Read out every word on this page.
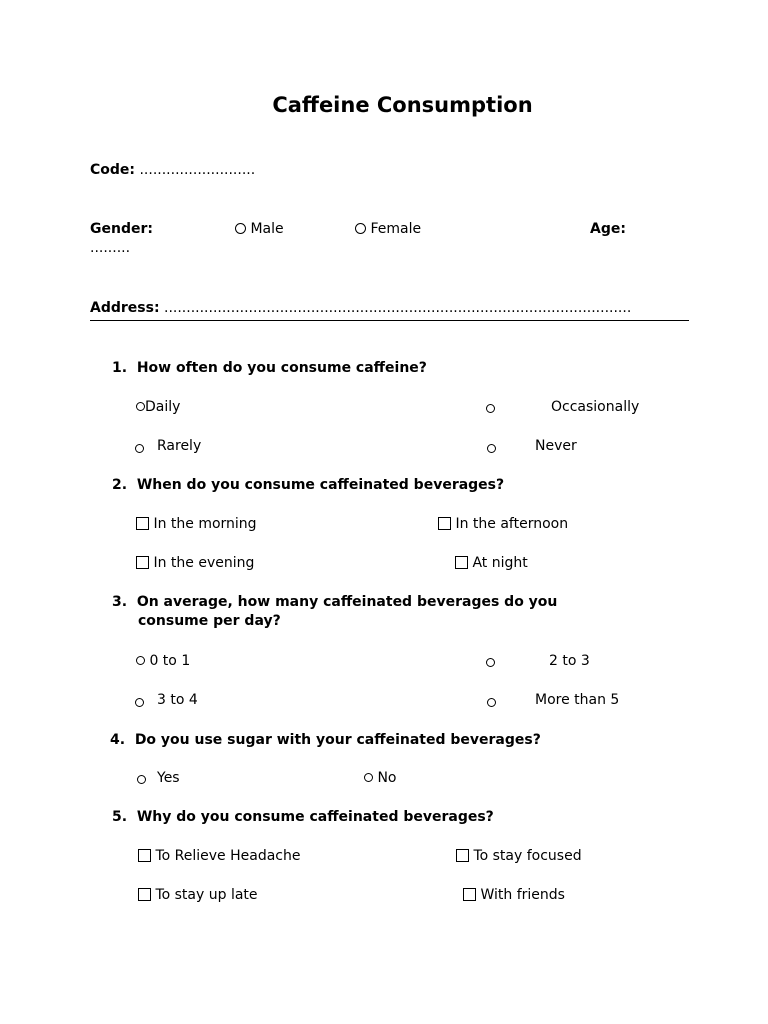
Caffeine Consumption
Code: ..........................
Gender:	Male	Female	Age:
.........
Address: .........................................................................................................
1. How often do you consume caffeine?
Daily	Occasionally
Rarely	Never
2. When do you consume caffeinated beverages?
In the morning	In the afternoon
In the evening	At night
3. On average, how many caffeinated beverages do you
consume per day?
0 to 1	2 to 3
3 to 4	More than 5
4. Do you use sugar with your caffeinated beverages?
Yes	No
5. Why do you consume caffeinated beverages?
To Relieve Headache	To stay focused
To stay up late	With friends
